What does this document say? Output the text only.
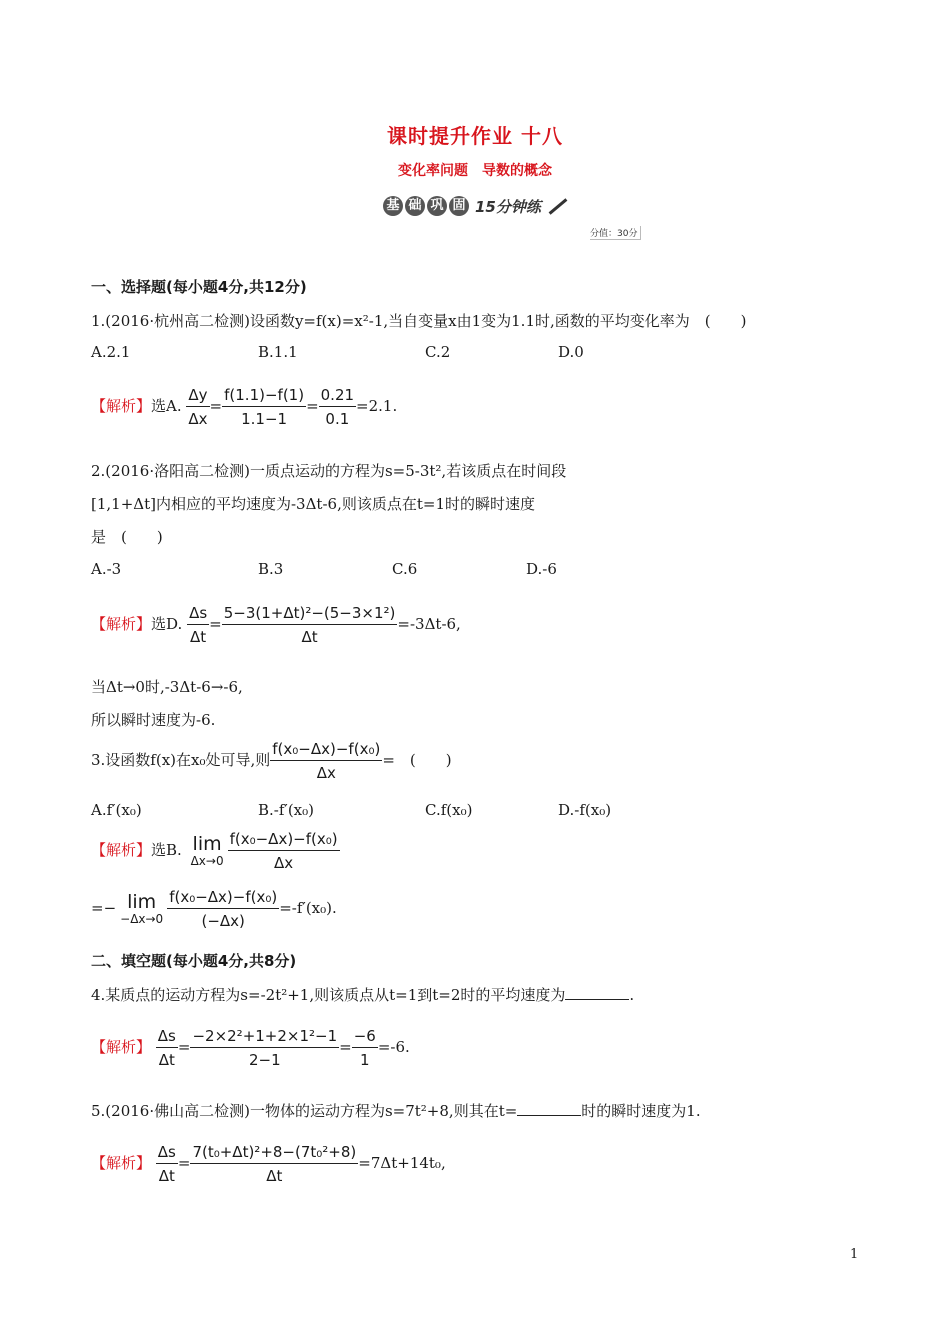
课时提升作业 十八
变化率问题　导数的概念
基 础 巩 固 15分钟练
分值：30分
一、选择题(每小题4分,共12分)
1.(2016·杭州高二检测)设函数y=f(x)=x²-1,当自变量x由1变为1.1时,函数的平均变化率为　(　　)
A.2.1	B.1.1	C.2	D.0
【解析】选A. $\frac{\Delta y}{\Delta x} = \frac{f(1.1)-f(1)}{1.1-1} = \frac{0.21}{0.1} =2.1$.
2.(2016·洛阳高二检测)一质点运动的方程为s=5-3t²,若该质点在时间段
[1,1+Δt]内相应的平均速度为-3Δt-6,则该质点在t=1时的瞬时速度
是　(　　)
A.-3	B.3	C.6	D.-6
【解析】选D. $\frac{\Delta s}{\Delta t} = \frac{\text{5−3(1+Δt)²−(5−3×1²)}}{\Delta t} =-3\Delta t-6$,
当Δt→0时,-3Δt-6→-6,
所以瞬时速度为-6.
3.设函数f(x)在x₀处可导,则 $\frac{\text{f(x₀−Δx)−f(x₀)}}{\Delta x}$ =　(　　)
A.f′(x₀)	B.-f′(x₀)	C.f(x₀)	D.-f(x₀)
【解析】选B. lim
$\Delta x\to 0 \frac{\text{f(x₀−Δx)−f(x₀)}}{\Delta x}$
=− lim
$-\Delta x\to 0 \frac{\text{f(x₀−Δx)−f(x₀)}}{(-\Delta x)} =-f'(x_0)$.
二、填空题(每小题4分,共8分)
4.某质点的运动方程为s=-2t²+1,则该质点从t=1到t=2时的平均速度为	.
【解析】 $\frac{\Delta s}{\Delta t} = \frac{\text{−2×2²+1+2×1²−1}}{2-1} = \frac{-6}{1} =-6$.
5.(2016·佛山高二检测)一物体的运动方程为s=7t²+8,则其在t=	时的瞬时速度为1.
【解析】 $\frac{\Delta s}{\Delta t} = \frac{\text{7(t₀+Δt)²+8−(7t₀²+8)}}{\Delta t} =7\Delta t+14t_0$,
1
